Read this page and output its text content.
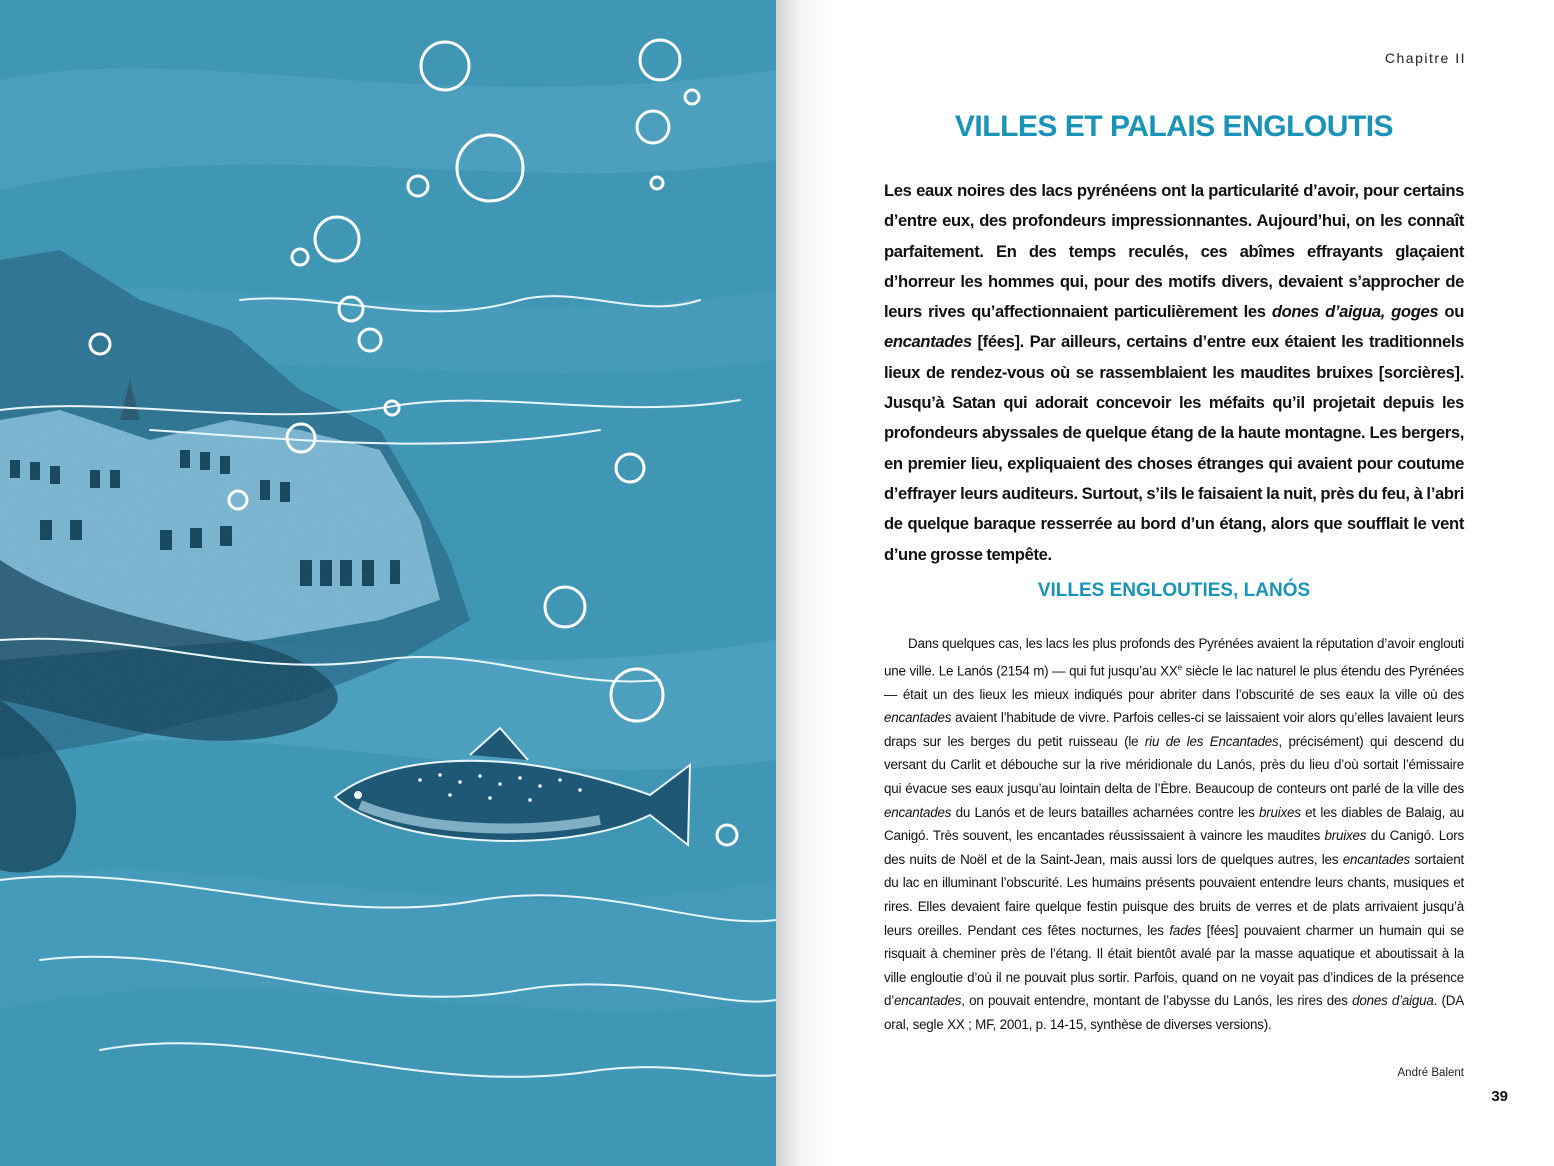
Chapitre II
VILLES ET PALAIS ENGLOUTIS

Les eaux noires des lacs pyrénéens ont la particularité d’avoir, pour certains d’entre eux, des profondeurs impressionnantes. Aujourd’hui, on les connaît parfaitement. En des temps reculés, ces abîmes effrayants glaçaient d’horreur les hommes qui, pour des motifs divers, devaient s’approcher de leurs rives qu’affectionnaient particulièrement les dones d’aigua, goges ou encantades [fées]. Par ailleurs, certains d’entre eux étaient les traditionnels lieux de rendez-vous où se rassemblaient les maudites bruixes [sorcières]. Jusqu’à Satan qui adorait concevoir les méfaits qu’il projetait depuis les profondeurs abyssales de quelque étang de la haute montagne. Les bergers, en premier lieu, expliquaient des choses étranges qui avaient pour coutume d’effrayer leurs auditeurs. Surtout, s’ils le faisaient la nuit, près du feu, à l’abri de quelque baraque resserrée au bord d’un étang, alors que soufflait le vent d’une grosse tempête.

VILLES ENGLOUTIES, LANÓS

Dans quelques cas, les lacs les plus profonds des Pyrénées avaient la réputation d’avoir englouti une ville. Le Lanós (2154 m) — qui fut jusqu’au XXe siècle le lac naturel le plus étendu des Pyrénées — était un des lieux les mieux indiqués pour abriter dans l’obscurité de ses eaux la ville où des encantades avaient l’habitude de vivre. Parfois celles-ci se laissaient voir alors qu’elles lavaient leurs draps sur les berges du petit ruisseau (le riu de les Encantades, précisément) qui descend du versant du Carlit et débouche sur la rive méridionale du Lanós, près du lieu d’où sortait l’émissaire qui évacue ses eaux jusqu’au lointain delta de l’Èbre. Beaucoup de conteurs ont parlé de la ville des encantades du Lanós et de leurs batailles acharnées contre les bruixes et les diables de Balaig, au Canigó. Très souvent, les encantades réussissaient à vaincre les maudites bruixes du Canigó. Lors des nuits de Noël et de la Saint-Jean, mais aussi lors de quelques autres, les encantades sortaient du lac en illuminant l’obscurité. Les humains présents pouvaient entendre leurs chants, musiques et rires. Elles devaient faire quelque festin puisque des bruits de verres et de plats arrivaient jusqu’à leurs oreilles. Pendant ces fêtes nocturnes, les fades [fées] pouvaient charmer un humain qui se risquait à cheminer près de l’étang. Il était bientôt avalé par la masse aquatique et aboutissait à la ville engloutie d’où il ne pouvait plus sortir. Parfois, quand on ne voyait pas d’indices de la présence d’encantades, on pouvait entendre, montant de l’abysse du Lanós, les rires des dones d’aigua. (DA oral, segle XX ; MF, 2001, p. 14-15, synthèse de diverses versions).

André Balent
39
